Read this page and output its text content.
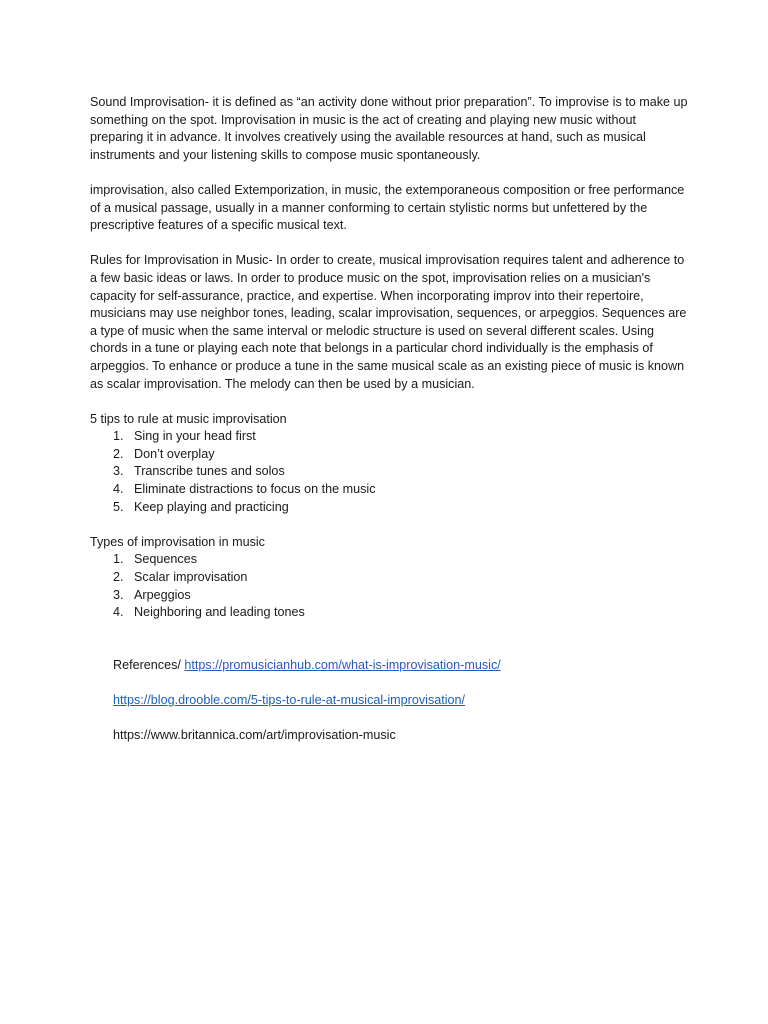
Sound Improvisation- it is defined as “an activity done without prior preparation”. To improvise is to make up something on the spot. Improvisation in music is the act of creating and playing new music without preparing it in advance. It involves creatively using the available resources at hand, such as musical instruments and your listening skills to compose music spontaneously.

improvisation, also called Extemporization, in music, the extemporaneous composition or free performance of a musical passage, usually in a manner conforming to certain stylistic norms but unfettered by the prescriptive features of a specific musical text.

Rules for Improvisation in Music- In order to create, musical improvisation requires talent and adherence to a few basic ideas or laws. In order to produce music on the spot, improvisation relies on a musician's capacity for self-assurance, practice, and expertise. When incorporating improv into their repertoire, musicians may use neighbor tones, leading, scalar improvisation, sequences, or arpeggios. Sequences are a type of music when the same interval or melodic structure is used on several different scales. Using chords in a tune or playing each note that belongs in a particular chord individually is the emphasis of arpeggios. To enhance or produce a tune in the same musical scale as an existing piece of music is known as scalar improvisation. The melody can then be used by a musician.

5 tips to rule at music improvisation

1. Sing in your head first
2. Don’t overplay
3. Transcribe tunes and solos
4. Eliminate distractions to focus on the music
5. Keep playing and practicing

Types of improvisation in music

1. Sequences
2. Scalar improvisation
3. Arpeggios
4. Neighboring and leading tones

References/ https://promusicianhub.com/what-is-improvisation-music/

https://blog.drooble.com/5-tips-to-rule-at-musical-improvisation/

https://www.britannica.com/art/improvisation-music
